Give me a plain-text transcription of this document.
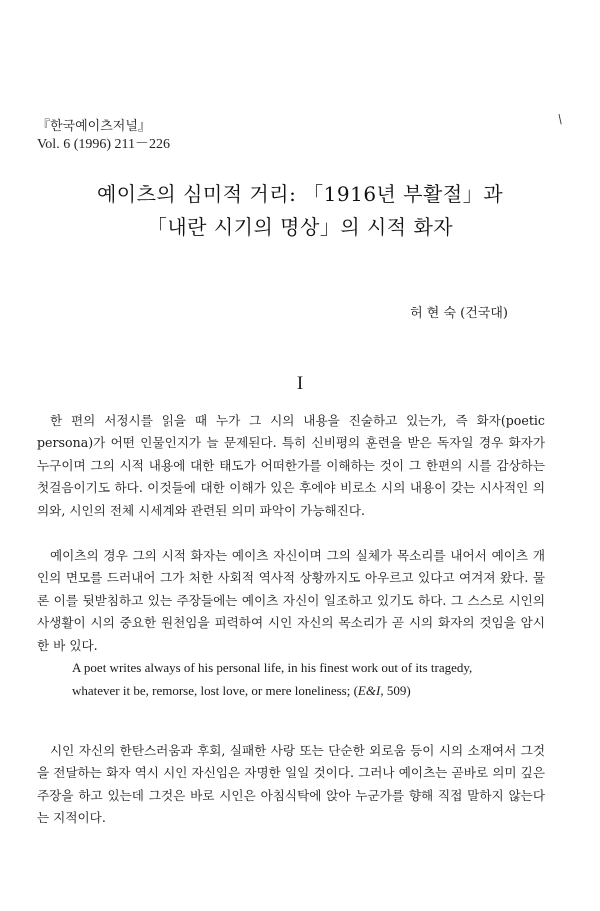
『한국예이츠저널』
Vol. 6 (1996) 211－226
/
예이츠의 심미적 거리: 「1916년 부활절」과
「내란 시기의 명상」의 시적 화자
허 현 숙 (건국대)
I

한 편의 서정시를 읽을 때 누가 그 시의 내용을 진술하고 있는가, 즉 화자(poetic persona)가 어떤 인물인지가 늘 문제된다. 특히 신비평의 훈련을 받은 독자일 경우 화자가 누구이며 그의 시적 내용에 대한 태도가 어떠한가를 이해하는 것이 그 한편의 시를 감상하는 첫걸음이기도 하다. 이것들에 대한 이해가 있은 후에야 비로소 시의 내용이 갖는 시사적인 의의와, 시인의 전체 시세계와 관련된 의미 파악이 가능해진다.

예이츠의 경우 그의 시적 화자는 예이츠 자신이며 그의 실체가 목소리를 내어서 예이츠 개인의 면모를 드러내어 그가 처한 사회적 역사적 상황까지도 아우르고 있다고 여겨져 왔다. 물론 이를 뒷받침하고 있는 주장들에는 예이츠 자신이 일조하고 있기도 하다. 그 스스로 시인의 사생활이 시의 중요한 원천임을 피력하여 시인 자신의 목소리가 곧 시의 화자의 것임을 암시한 바 있다.

A poet writes always of his personal life, in his finest work out of its tragedy,
whatever it be, remorse, lost love, or mere loneliness; (E&I, 509)

시인 자신의 한탄스러움과 후회, 실패한 사랑 또는 단순한 외로움 등이 시의 소재여서 그것을 전달하는 화자 역시 시인 자신임은 자명한 일일 것이다. 그러나 예이츠는 곧바로 의미 깊은 주장을 하고 있는데 그것은 바로 시인은 아침식탁에 앉아 누군가를 향해 직접 말하지 않는다는 지적이다.
